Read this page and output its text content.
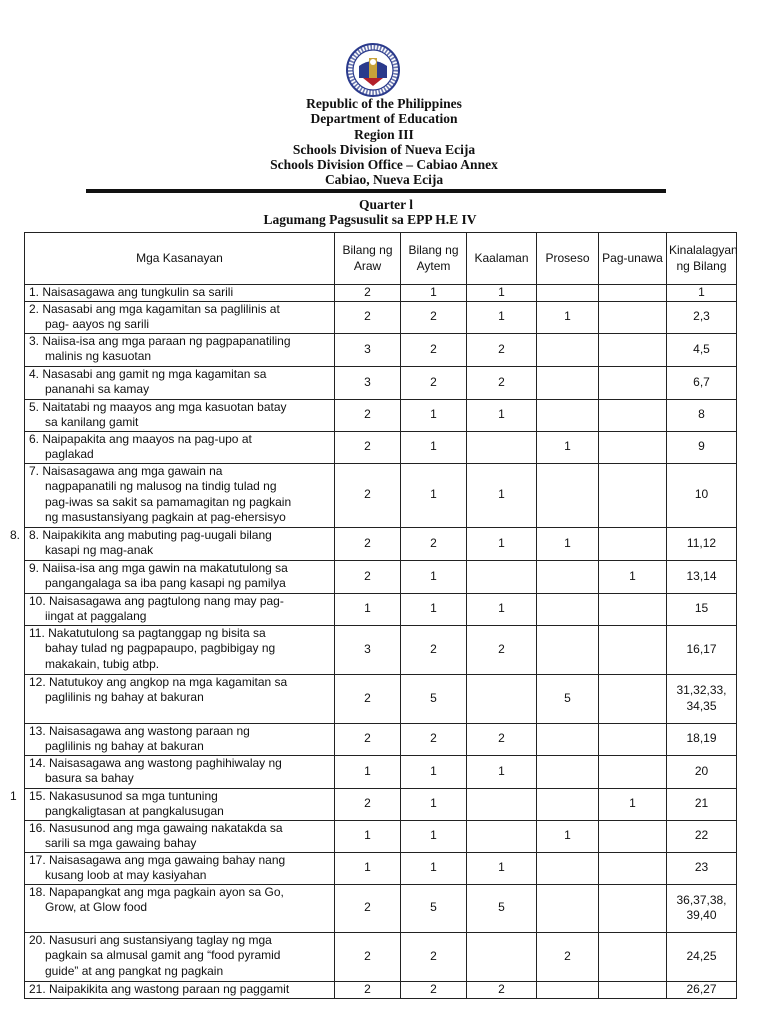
Republic of the Philippines
Department of Education
Region III
Schools Division of Nueva Ecija
Schools Division Office – Cabiao Annex
Cabiao, Nueva Ecija
Quarter l
Lagumang Pagsusulit sa EPP H.E IV
Mga Kasanayan	Bilang ng Araw	Bilang ng Aytem	Kaalaman	Proseso	Pag-unawa	Kinalalagyan ng Bilang

1. Naisasagawa ang tungkulin sa sarili	2	1	1			1

2. Nasasabi ang mga kagamitan sa paglilinis at
pag- aayos ng sarili	2	2	1	1		2,3

3. Naiisa-isa ang mga paraan ng pagpapanatiling
malinis ng kasuotan	3	2	2			4,5

4. Nasasabi ang gamit ng mga kagamitan sa
pananahi sa kamay	3	2	2			6,7

5. Naitatabi ng maayos ang mga kasuotan batay
sa kanilang gamit	2	1	1			8

6. Naipapakita ang maayos na pag-upo at
paglakad	2	1		1		9

7. Naisasagawa ang mga gawain na
nagpapanatili ng malusog na tindig tulad ng
pag-iwas sa sakit sa pamamagitan ng pagkain
ng masustansiyang pagkain at pag-ehersisyo	2	1	1			10

8. Naipakikita ang mabuting pag-uugali bilang
kasapi ng mag-anak	2	2	1	1		11,12

9. Naiisa-isa ang mga gawin na makatutulong sa
pangangalaga sa iba pang kasapi ng pamilya	2	1			1	13,14

10. Naisasagawa ang pagtulong nang may pag-
iingat at paggalang	1	1	1			15

11. Nakatutulong sa pagtanggap ng bisita sa
bahay tulad ng pagpapaupo, pagbibigay ng
makakain, tubig atbp.	3	2	2			16,17

12. Natutukoy ang angkop na mga kagamitan sa
paglilinis ng bahay at bakuran	2	5		5		31,32,33, 34,35

13. Naisasagawa ang wastong paraan ng
paglilinis ng bahay at bakuran	2	2	2			18,19

14. Naisasagawa ang wastong paghihiwalay ng
basura sa bahay	1	1	1			20

15. Nakasusunod sa mga tuntuning
pangkaligtasan at pangkalusugan	2	1			1	21

16. Nasusunod ang mga gawaing nakatakda sa
sarili sa mga gawaing bahay	1	1		1		22

17. Naisasagawa ang mga gawaing bahay nang
kusang loob at may kasiyahan	1	1	1			23

18. Napapangkat ang mga pagkain ayon sa Go,
Grow, at Glow food	2	5	5			36,37,38, 39,40

20. Nasusuri ang sustansiyang taglay ng mga
pagkain sa almusal gamit ang “food pyramid
guide” at ang pangkat ng pagkain	2	2		2		24,25

21. Naipakikita ang wastong paraan ng paggamit	2	2	2			26,27
8.
1
